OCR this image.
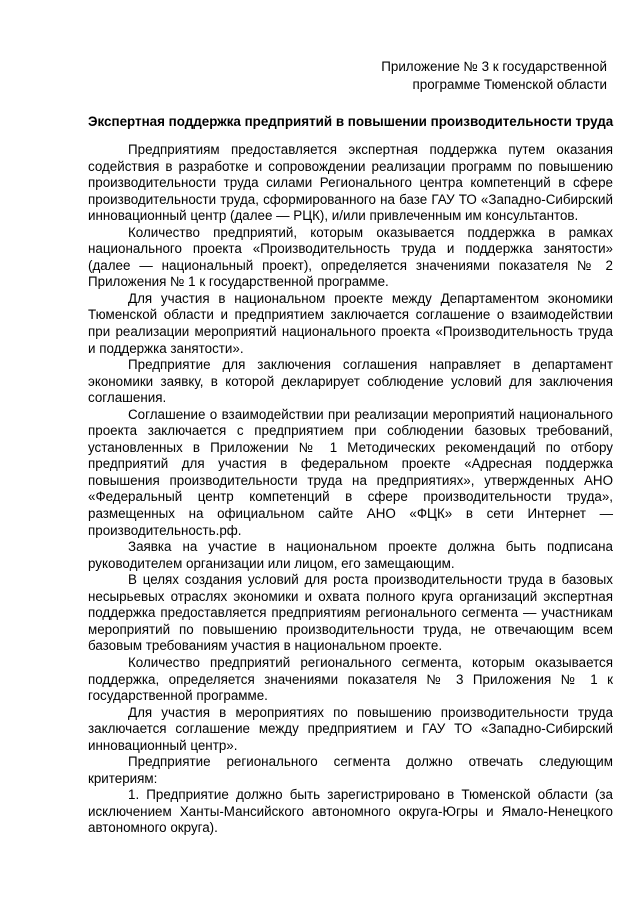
Приложение № 3 к государственной
программе Тюменской области
Экспертная поддержка предприятий в повышении производительности труда

Предприятиям предоставляется экспертная поддержка путем оказания содействия в разработке и сопровождении реализации программ по повышению производительности труда силами Регионального центра компетенций в сфере производительности труда, сформированного на базе ГАУ ТО «Западно-Сибирский инновационный центр (далее — РЦК), и/или привлеченным им консультантов.

Количество предприятий, которым оказывается поддержка в рамках национального проекта «Производительность труда и поддержка занятости» (далее — национальный проект), определяется значениями показателя № 2 Приложения № 1 к государственной программе.

Для участия в национальном проекте между Департаментом экономики Тюменской области и предприятием заключается соглашение о взаимодействии при реализации мероприятий национального проекта «Производительность труда и поддержка занятости».

Предприятие для заключения соглашения направляет в департамент экономики заявку, в которой декларирует соблюдение условий для заключения соглашения.

Соглашение о взаимодействии при реализации мероприятий национального проекта заключается с предприятием при соблюдении базовых требований, установленных в Приложении № 1 Методических рекомендаций по отбору предприятий для участия в федеральном проекте «Адресная поддержка повышения производительности труда на предприятиях», утвержденных АНО «Федеральный центр компетенций в сфере производительности труда», размещенных на официальном сайте АНО «ФЦК» в сети Интернет — производительность.рф.

Заявка на участие в национальном проекте должна быть подписана руководителем организации или лицом, его замещающим.

В целях создания условий для роста производительности труда в базовых несырьевых отраслях экономики и охвата полного круга организаций экспертная поддержка предоставляется предприятиям регионального сегмента — участникам мероприятий по повышению производительности труда, не отвечающим всем базовым требованиям участия в национальном проекте.

Количество предприятий регионального сегмента, которым оказывается поддержка, определяется значениями показателя № 3 Приложения № 1 к государственной программе.

Для участия в мероприятиях по повышению производительности труда заключается соглашение между предприятием и ГАУ ТО «Западно-Сибирский инновационный центр».

Предприятие регионального сегмента должно отвечать следующим критериям:

1. Предприятие должно быть зарегистрировано в Тюменской области (за исключением Ханты-Мансийского автономного округа-Югры и Ямало-Ненецкого автономного округа).
